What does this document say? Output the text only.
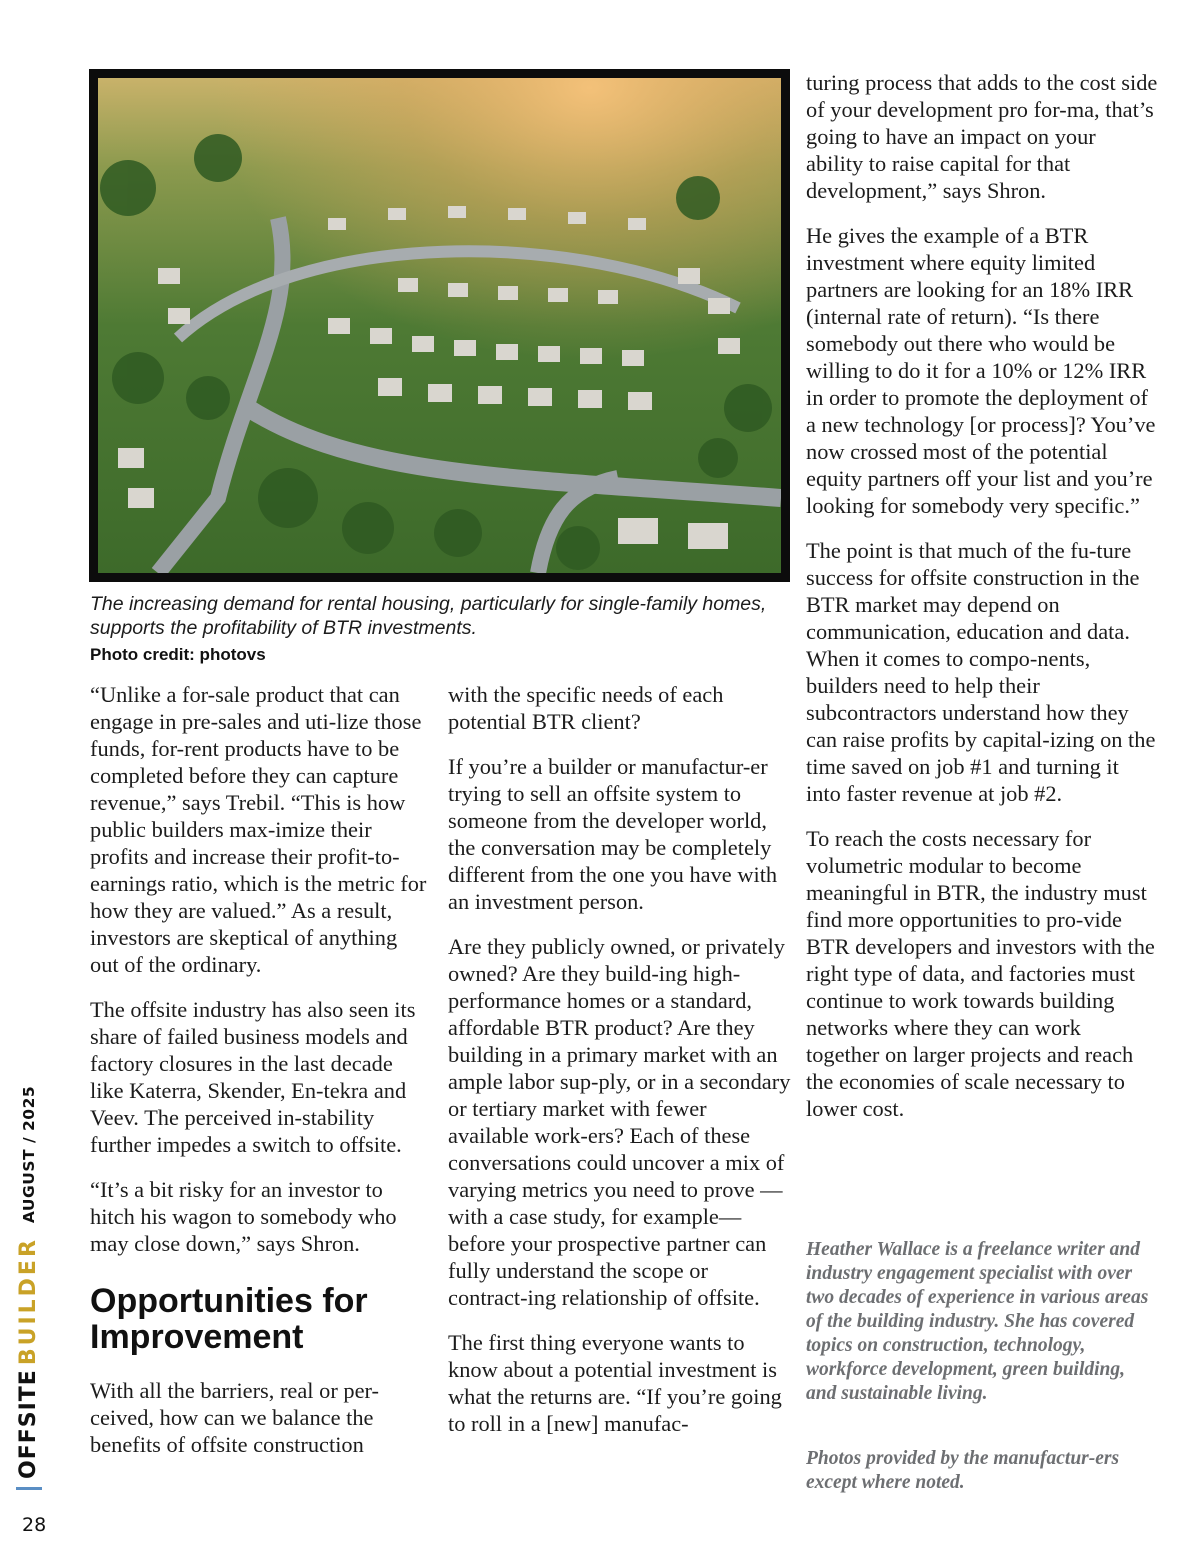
The increasing demand for rental housing, particularly for single-family homes, supports the profitability of BTR investments.
Photo credit: photovs

“Unlike a for-sale product that can engage in pre-sales and uti-lize those funds, for-rent products have to be completed before they can capture revenue,” says Trebil. “This is how public builders max-imize their profits and increase their profit-to-earnings ratio, which is the metric for how they are valued.” As a result, investors are skeptical of anything out of the ordinary.

The offsite industry has also seen its share of failed business models and factory closures in the last decade like Katerra, Skender, En-tekra and Veev. The perceived in-stability further impedes a switch to offsite.

“It’s a bit risky for an investor to hitch his wagon to somebody who may close down,” says Shron.

Opportunities for Improvement

With all the barriers, real or per-ceived, how can we balance the benefits of offsite construction

with the specific needs of each potential BTR client?

If you’re a builder or manufactur-er trying to sell an offsite system to someone from the developer world, the conversation may be completely different from the one you have with an investment person.

Are they publicly owned, or privately owned? Are they build-ing high-performance homes or a standard, affordable BTR product? Are they building in a primary market with an ample labor sup-ply, or in a secondary or tertiary market with fewer available work-ers? Each of these conversations could uncover a mix of varying metrics you need to prove — with a case study, for example— before your prospective partner can fully understand the scope or contract-ing relationship of offsite.

The first thing everyone wants to know about a potential investment is what the returns are. “If you’re going to roll in a [new] manufac-

turing process that adds to the cost side of your development pro for-ma, that’s going to have an impact on your ability to raise capital for that development,” says Shron.

He gives the example of a BTR investment where equity limited partners are looking for an 18% IRR (internal rate of return). “Is there somebody out there who would be willing to do it for a 10% or 12% IRR in order to promote the deployment of a new technology [or process]? You’ve now crossed most of the potential equity partners off your list and you’re looking for somebody very specific.”

The point is that much of the fu-ture success for offsite construction in the BTR market may depend on communication, education and data. When it comes to compo-nents, builders need to help their subcontractors understand how they can raise profits by capital-izing on the time saved on job #1 and turning it into faster revenue at job #2.

To reach the costs necessary for volumetric modular to become meaningful in BTR, the industry must find more opportunities to pro-vide BTR developers and investors with the right type of data, and factories must continue to work towards building networks where they can work together on larger projects and reach the economies of scale necessary to lower cost.

Heather Wallace is a freelance writer and industry engagement specialist with over two decades of experience in various areas of the building industry. She has covered topics on construction, technology, workforce development, green building, and sustainable living.
Photos provided by the manufactur-ers except where noted.
OFFSITE
BUILDER
AUGUST / 2025
28
